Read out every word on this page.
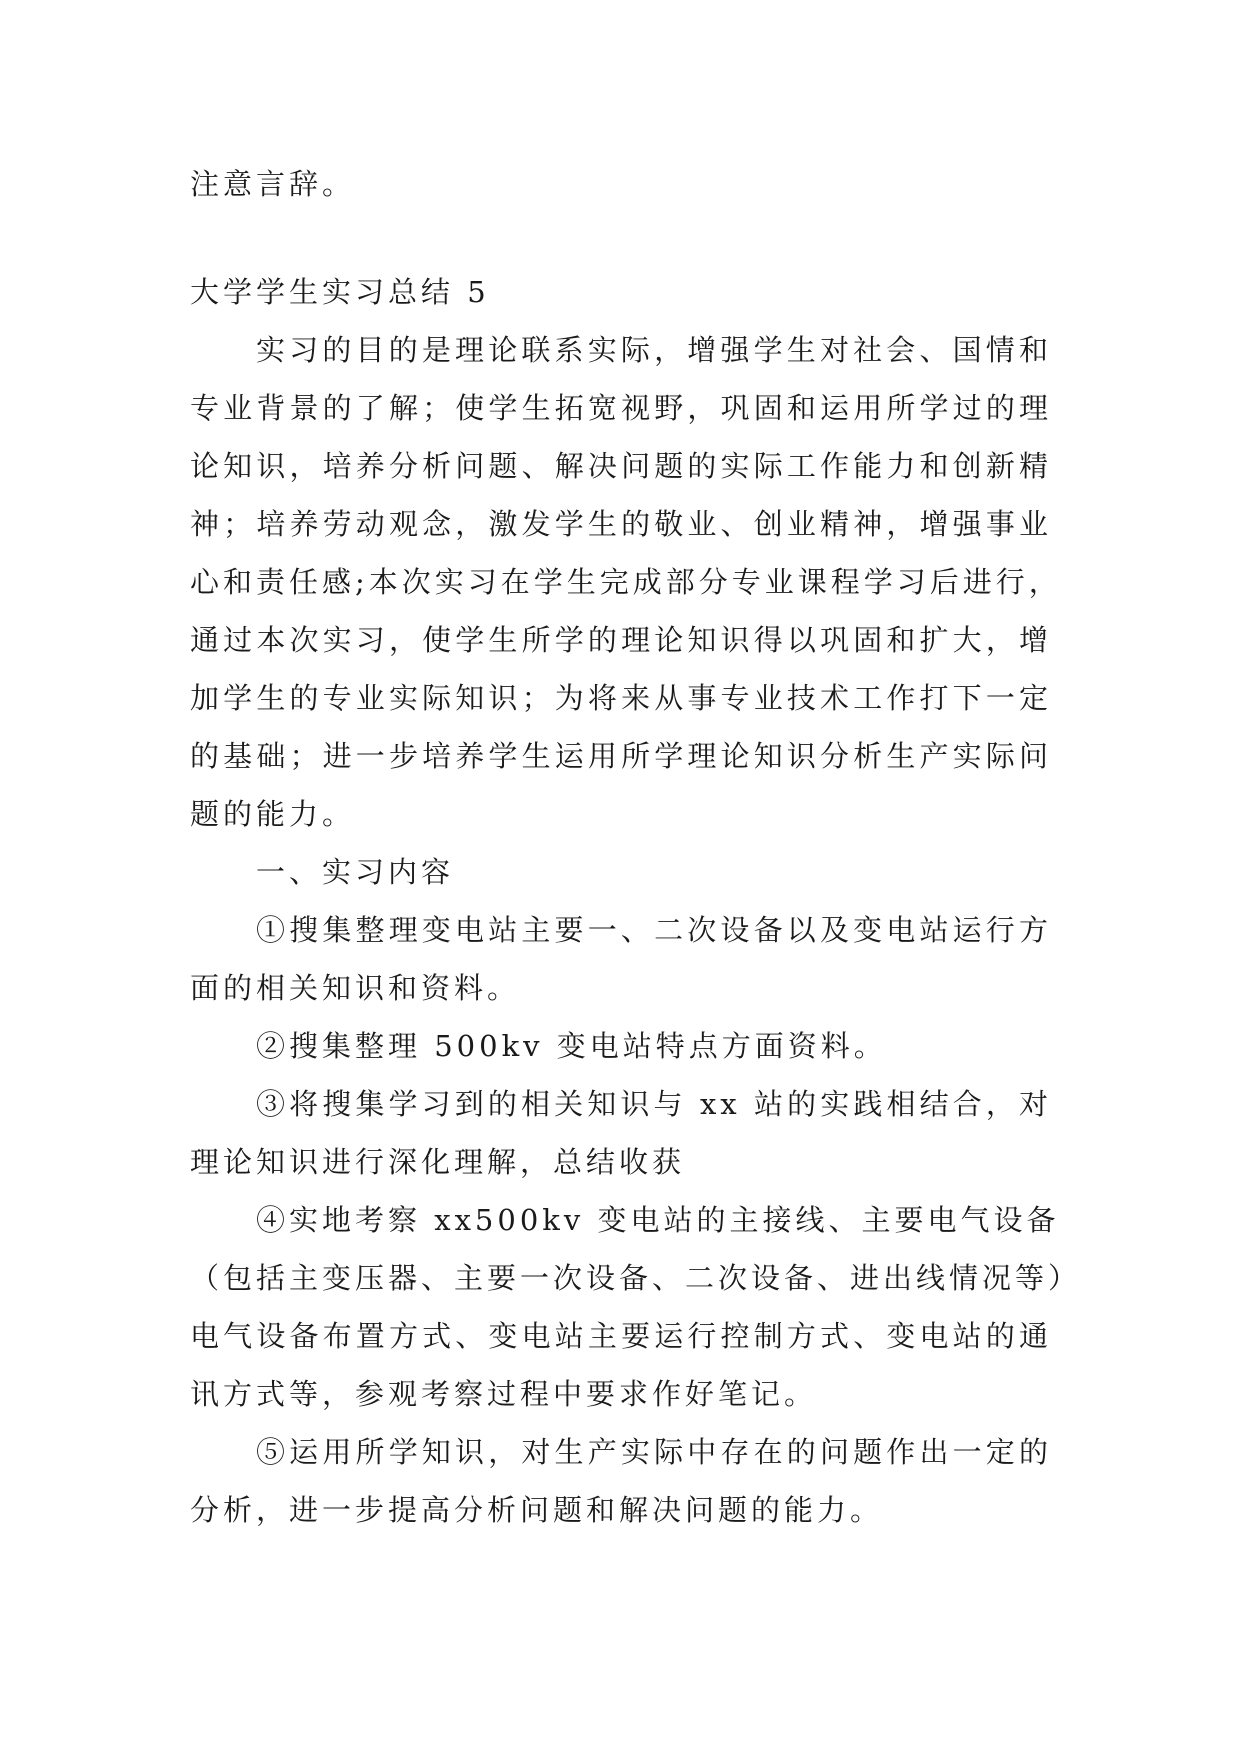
注意言辞。
大学学生实习总结 5
实习的目的是理论联系实际，增强学生对社会、国情和
专业背景的了解；使学生拓宽视野，巩固和运用所学过的理
论知识，培养分析问题、解决问题的实际工作能力和创新精
神；培养劳动观念，激发学生的敬业、创业精神，增强事业
心和责任感;本次实习在学生完成部分专业课程学习后进行，
通过本次实习，使学生所学的理论知识得以巩固和扩大，增
加学生的专业实际知识；为将来从事专业技术工作打下一定
的基础；进一步培养学生运用所学理论知识分析生产实际问
题的能力。
一、实习内容
①搜集整理变电站主要一、二次设备以及变电站运行方
面的相关知识和资料。
②搜集整理 500kv 变电站特点方面资料。
③将搜集学习到的相关知识与 xx 站的实践相结合，对
理论知识进行深化理解，总结收获
④实地考察 xx500kv 变电站的主接线、主要电气设备
（包括主变压器、主要一次设备、二次设备、进出线情况等）
电气设备布置方式、变电站主要运行控制方式、变电站的通
讯方式等，参观考察过程中要求作好笔记。
⑤运用所学知识，对生产实际中存在的问题作出一定的
分析，进一步提高分析问题和解决问题的能力。
